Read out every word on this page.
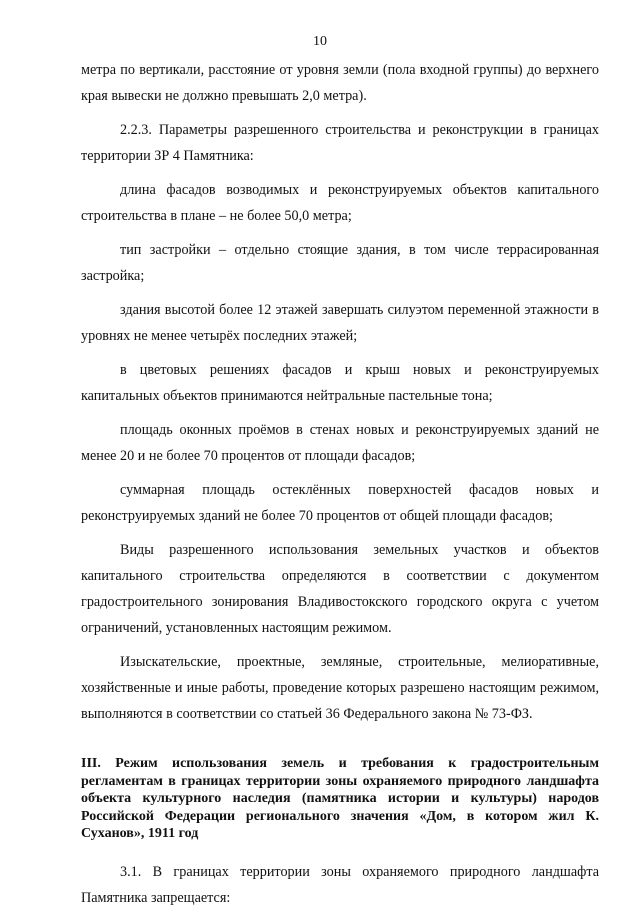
10

метра по вертикали, расстояние от уровня земли (пола входной группы) до верхнего края вывески не должно превышать 2,0 метра).

2.2.3. Параметры разрешенного строительства и реконструкции в границах территории ЗР 4 Памятника:

длина фасадов возводимых и реконструируемых объектов капитального строительства в плане – не более 50,0 метра;

тип застройки – отдельно стоящие здания, в том числе террасированная застройка;

здания высотой более 12 этажей завершать силуэтом переменной этажности в уровнях не менее четырёх последних этажей;

в цветовых решениях фасадов и крыш новых и реконструируемых капитальных объектов принимаются нейтральные пастельные тона;

площадь оконных проёмов в стенах новых и реконструируемых зданий не менее 20 и не более 70 процентов от площади фасадов;

суммарная площадь остеклённых поверхностей фасадов новых и реконструируемых зданий не более 70 процентов от общей площади фасадов;

Виды разрешенного использования земельных участков и объектов капитального строительства определяются в соответствии с документом градостроительного зонирования Владивостокского городского округа с учетом ограничений, установленных настоящим режимом.

Изыскательские, проектные, земляные, строительные, мелиоративные, хозяйственные и иные работы, проведение которых разрешено настоящим режимом, выполняются в соответствии со статьей 36 Федерального закона № 73-ФЗ.

III. Режим использования земель и требования к градостроительным регламентам в границах территории зоны охраняемого природного ландшафта объекта культурного наследия (памятника истории и культуры) народов Российской Федерации регионального значения «Дом, в котором жил К. Суханов», 1911 год

3.1. В границах территории зоны охраняемого природного ландшафта Памятника запрещается:
